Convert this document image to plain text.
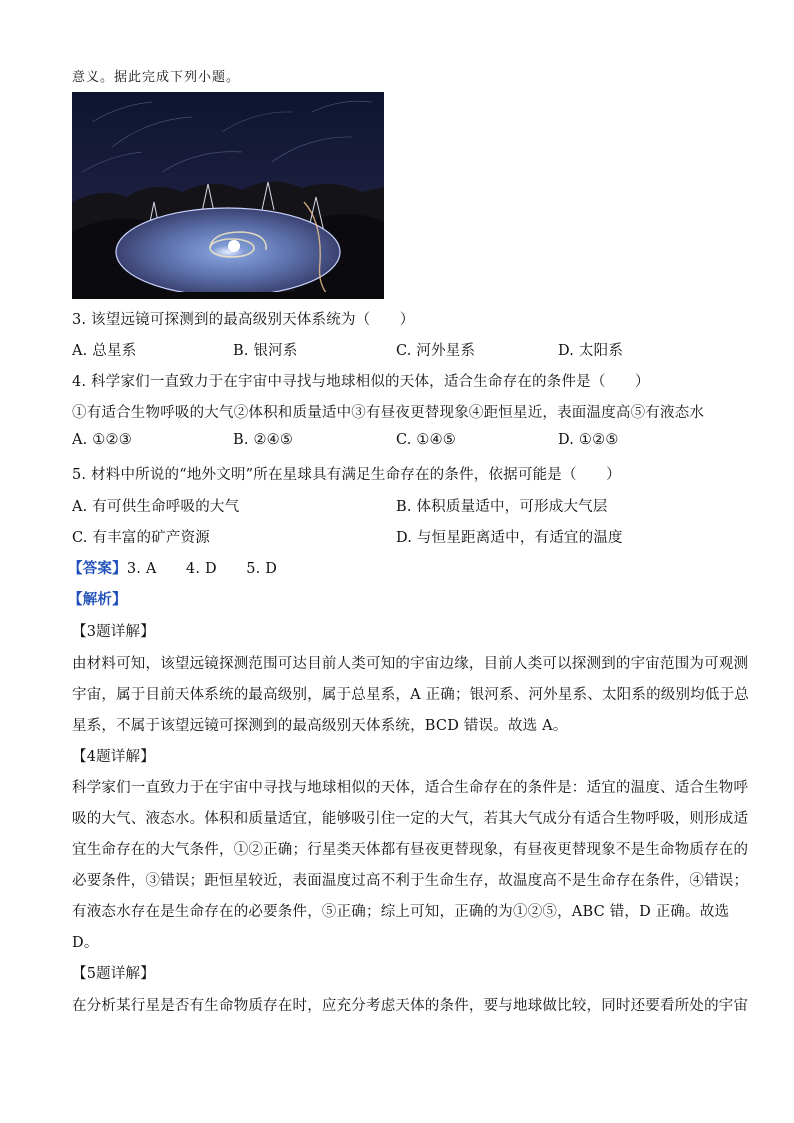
意义。据此完成下列小题。
3. 该望远镜可探测到的最高级别天体系统为（　　）
A. 总星系	B. 银河系	C. 河外星系	D. 太阳系
4. 科学家们一直致力于在宇宙中寻找与地球相似的天体，适合生命存在的条件是（　　）
①有适合生物呼吸的大气②体积和质量适中③有昼夜更替现象④距恒星近，表面温度高⑤有液态水
A. ①②③	B. ②④⑤	C. ①④⑤	D. ①②⑤
5. 材料中所说的“地外文明”所在星球具有满足生命存在的条件，依据可能是（　　）
A. 有可供生命呼吸的大气	B. 体积质量适中，可形成大气层
C. 有丰富的矿产资源	D. 与恒星距离适中，有适宜的温度
【答案】3. A　　4. D　　5. D
【解析】
【3题详解】
由材料可知，该望远镜探测范围可达目前人类可知的宇宙边缘，目前人类可以探测到的宇宙范围为可观测
宇宙，属于目前天体系统的最高级别，属于总星系，A 正确；银河系、河外星系、太阳系的级别均低于总
星系，不属于该望远镜可探测到的最高级别天体系统，BCD 错误。故选 A。
【4题详解】
科学家们一直致力于在宇宙中寻找与地球相似的天体，适合生命存在的条件是：适宜的温度、适合生物呼
吸的大气、液态水。体积和质量适宜，能够吸引住一定的大气，若其大气成分有适合生物呼吸，则形成适
宜生命存在的大气条件，①②正确；行星类天体都有昼夜更替现象，有昼夜更替现象不是生命物质存在的
必要条件，③错误；距恒星较近，表面温度过高不利于生命生存，故温度高不是生命存在条件，④错误；
有液态水存在是生命存在的必要条件，⑤正确；综上可知，正确的为①②⑤，ABC 错，D 正确。故选
D。
【5题详解】
在分析某行星是否有生命物质存在时，应充分考虑天体的条件，要与地球做比较，同时还要看所处的宇宙
